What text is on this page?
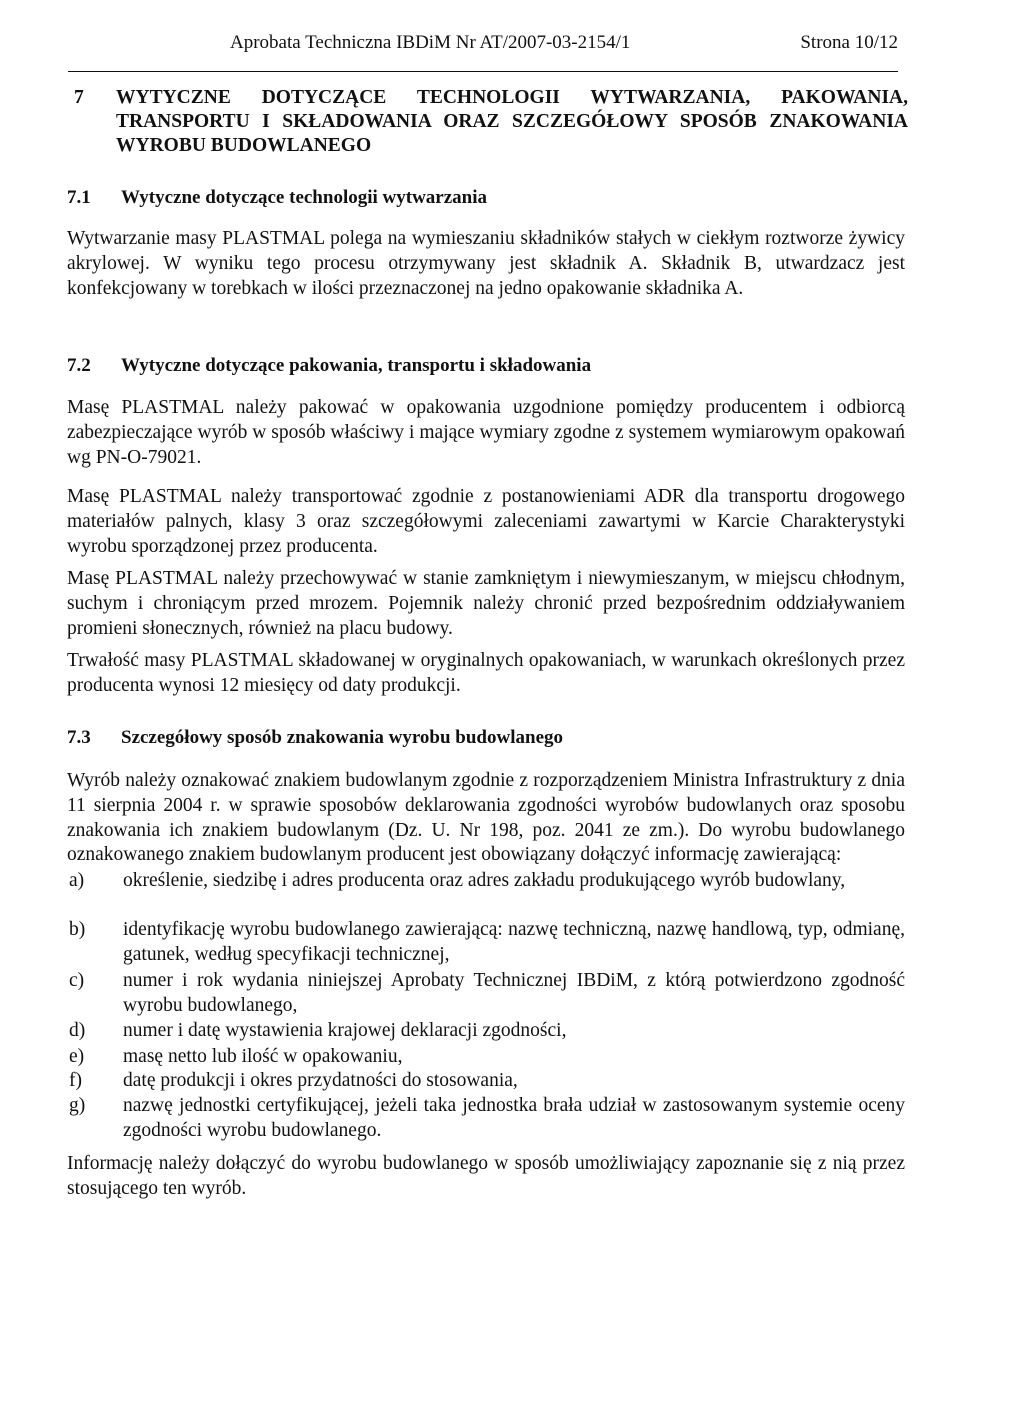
Aprobata Techniczna IBDiM Nr AT/2007-03-2154/1	Strona 10/12
7 WYTYCZNE DOTYCZĄCE TECHNOLOGII WYTWARZANIA, PAKOWANIA, TRANSPORTU I SKŁADOWANIA ORAZ SZCZEGÓŁOWY SPOSÓB ZNAKOWANIA WYROBU BUDOWLANEGO
7.1 Wytyczne dotyczące technologii wytwarzania
Wytwarzanie masy PLASTMAL polega na wymieszaniu składników stałych w ciekłym roztworze żywicy akrylowej. W wyniku tego procesu otrzymywany jest składnik A. Składnik B, utwardzacz jest konfekcjowany w torebkach w ilości przeznaczonej na jedno opakowanie składnika A.
7.2 Wytyczne dotyczące pakowania, transportu i składowania
Masę PLASTMAL należy pakować w opakowania uzgodnione pomiędzy producentem i odbiorcą zabezpieczające wyrób w sposób właściwy i mające wymiary zgodne z systemem wymiarowym opakowań wg PN-O-79021.
Masę PLASTMAL należy transportować zgodnie z postanowieniami ADR dla transportu drogowego materiałów palnych, klasy 3 oraz szczegółowymi zaleceniami zawartymi w Karcie Charakterystyki wyrobu sporządzonej przez producenta.
Masę PLASTMAL należy przechowywać w stanie zamkniętym i niewymieszanym, w miejscu chłodnym, suchym i chroniącym przed mrozem. Pojemnik należy chronić przed bezpośrednim oddziaływaniem promieni słonecznych, również na placu budowy.
Trwałość masy PLASTMAL składowanej w oryginalnych opakowaniach, w warunkach określonych przez producenta wynosi 12 miesięcy od daty produkcji.
7.3 Szczegółowy sposób znakowania wyrobu budowlanego
Wyrób należy oznakować znakiem budowlanym zgodnie z rozporządzeniem Ministra Infrastruktury z dnia 11 sierpnia 2004 r. w sprawie sposobów deklarowania zgodności wyrobów budowlanych oraz sposobu znakowania ich znakiem budowlanym (Dz. U. Nr 198, poz. 2041 ze zm.). Do wyrobu budowlanego oznakowanego znakiem budowlanym producent jest obowiązany dołączyć informację zawierającą:
a) określenie, siedzibę i adres producenta oraz adres zakładu produkującego wyrób budowlany,
b) identyfikację wyrobu budowlanego zawierającą: nazwę techniczną, nazwę handlową, typ, odmianę, gatunek, według specyfikacji technicznej,
c) numer i rok wydania niniejszej Aprobaty Technicznej IBDiM, z którą potwierdzono zgodność wyrobu budowlanego,
d) numer i datę wystawienia krajowej deklaracji zgodności,
e) masę netto lub ilość w opakowaniu,
f) datę produkcji i okres przydatności do stosowania,
g) nazwę jednostki certyfikującej, jeżeli taka jednostka brała udział w zastosowanym systemie oceny zgodności wyrobu budowlanego.
Informację należy dołączyć do wyrobu budowlanego w sposób umożliwiający zapoznanie się z nią przez stosującego ten wyrób.
